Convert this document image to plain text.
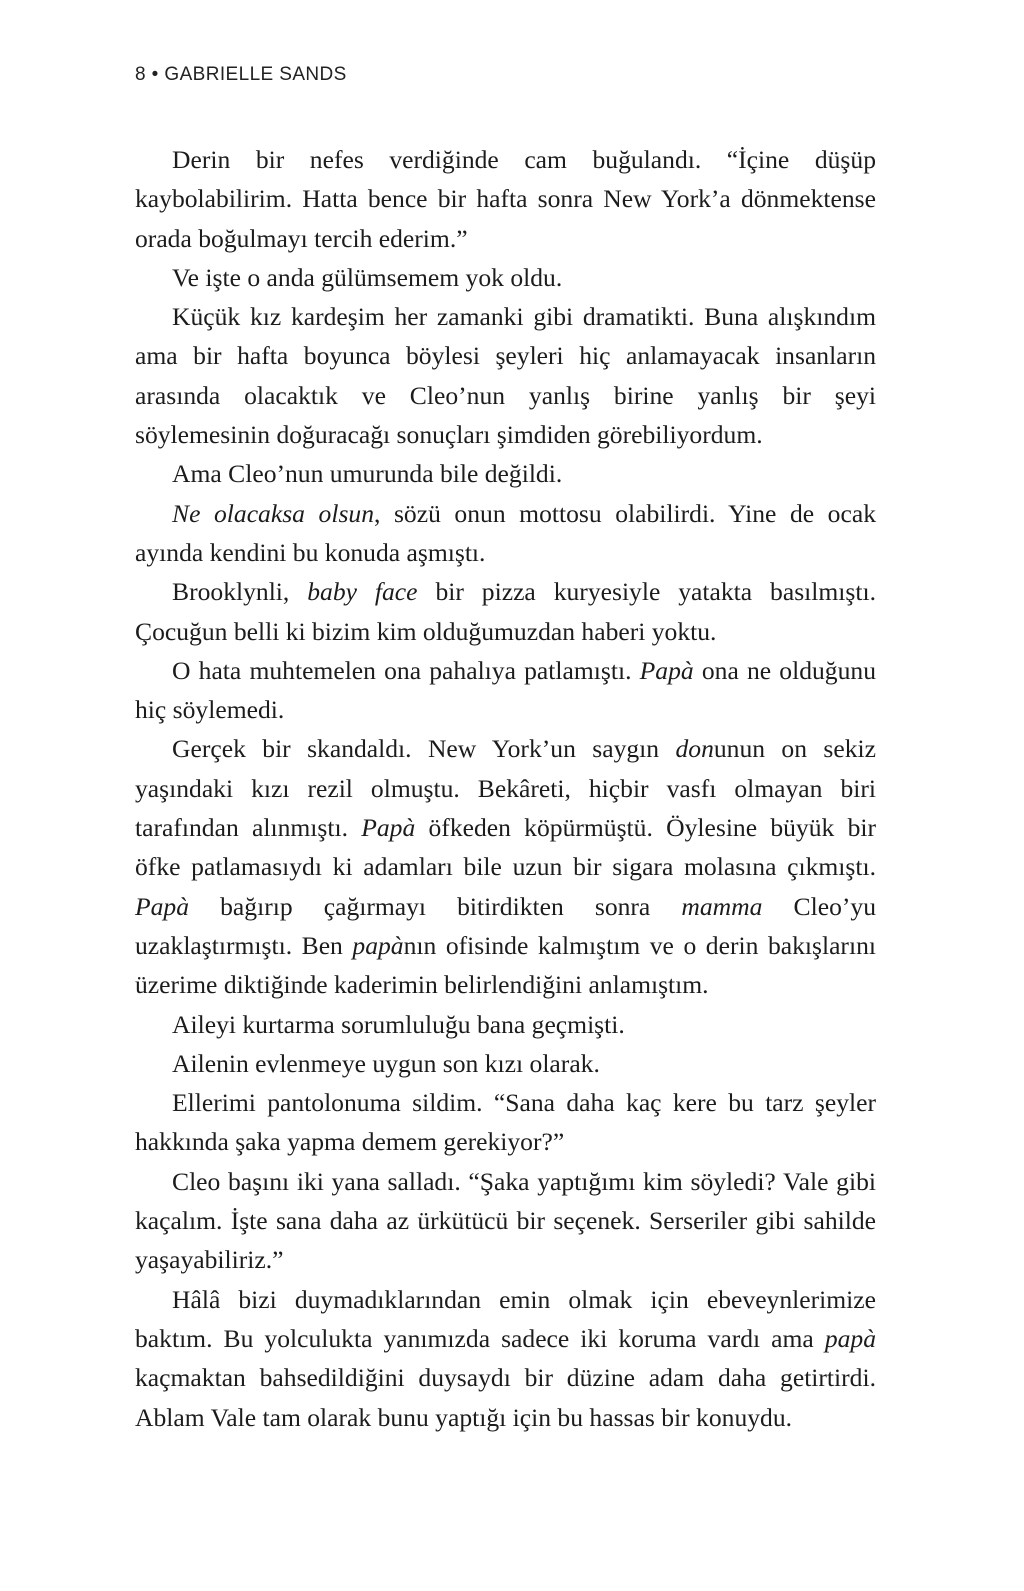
8 • GABRIELLE SANDS

Derin bir nefes verdiğinde cam buğulandı. “İçine düşüp kaybolabilirim. Hatta bence bir hafta sonra New York’a dönmektense orada boğulmayı tercih ederim.”

Ve işte o anda gülümsemem yok oldu.

Küçük kız kardeşim her zamanki gibi dramatikti. Buna alışkındım ama bir hafta boyunca böylesi şeyleri hiç anlamayacak insanların arasında olacaktık ve Cleo’nun yanlış birine yanlış bir şeyi söylemesinin doğuracağı sonuçları şimdiden görebiliyordum.

Ama Cleo’nun umurunda bile değildi.

Ne olacaksa olsun, sözü onun mottosu olabilirdi. Yine de ocak ayında kendini bu konuda aşmıştı.

Brooklynli, baby face bir pizza kuryesiyle yatakta basılmıştı. Çocuğun belli ki bizim kim olduğumuzdan haberi yoktu.

O hata muhtemelen ona pahalıya patlamıştı. Papà ona ne olduğunu hiç söylemedi.

Gerçek bir skandaldı. New York’un saygın donunun on sekiz yaşındaki kızı rezil olmuştu. Bekâreti, hiçbir vasfı olmayan biri tarafından alınmıştı. Papà öfkeden köpürmüştü. Öylesine büyük bir öfke patlamasıydı ki adamları bile uzun bir sigara molasına çıkmıştı. Papà bağırıp çağırmayı bitirdikten sonra mamma Cleo’yu uzaklaştırmıştı. Ben papànın ofisinde kalmıştım ve o derin bakışlarını üzerime diktiğinde kaderimin belirlendiğini anlamıştım.

Aileyi kurtarma sorumluluğu bana geçmişti.

Ailenin evlenmeye uygun son kızı olarak.

Ellerimi pantolonuma sildim. “Sana daha kaç kere bu tarz şeyler hakkında şaka yapma demem gerekiyor?”

Cleo başını iki yana salladı. “Şaka yaptığımı kim söyledi? Vale gibi kaçalım. İşte sana daha az ürkütücü bir seçenek. Serseriler gibi sahilde yaşayabiliriz.”

Hâlâ bizi duymadıklarından emin olmak için ebeveynlerimize baktım. Bu yolculukta yanımızda sadece iki koruma vardı ama papà kaçmaktan bahsedildiğini duysaydı bir düzine adam daha getirtirdi. Ablam Vale tam olarak bunu yaptığı için bu hassas bir konuydu.
